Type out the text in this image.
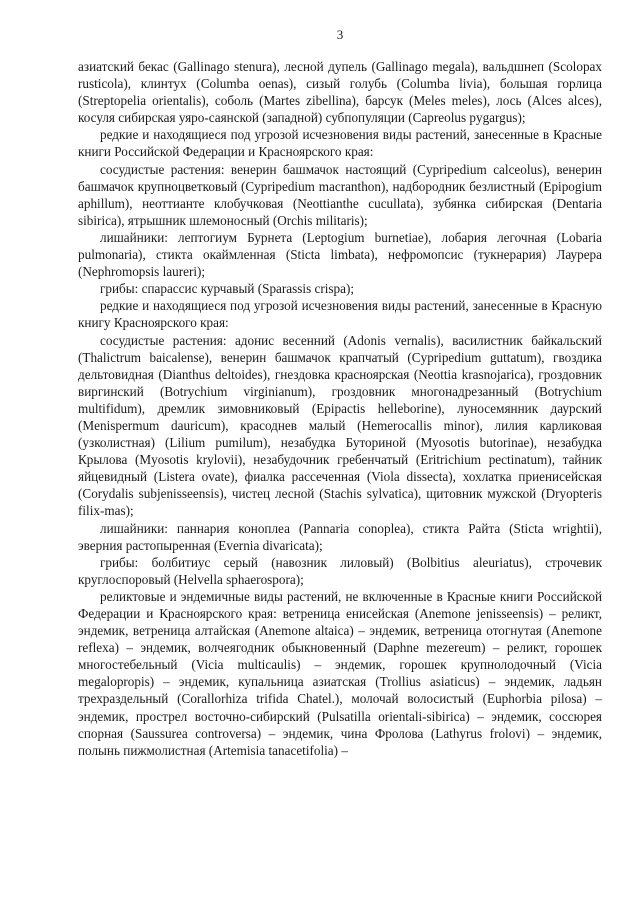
3

азиатский бекас (Gallinago stenura), лесной дупель (Gallinago megala), вальдшнеп (Scolopax rusticola), клинтух (Columba oenas), сизый голубь (Columba livia), большая горлица (Streptopelia orientalis), соболь (Martes zibellina), барсук (Meles meles), лось (Alces alces), косуля сибирская уяро-саянской (западной) субпопуляции (Capreolus pygargus);

редкие и находящиеся под угрозой исчезновения виды растений, занесенные в Красные книги Российской Федерации и Красноярского края:

сосудистые растения: венерин башмачок настоящий (Cypripedium calceolus), венерин башмачок крупноцветковый (Cypripedium macranthon), надбородник безлистный (Epipogium aphillum), неоттианте клобучковая (Neottianthe cucullata), зубянка сибирская (Dentaria sibirica), ятрышник шлемоносный (Orchis militaris);

лишайники: лептогиум Бурнета (Leptogium burnetiae), лобария легочная (Lobaria pulmonaria), стикта окаймленная (Sticta limbata), нефромопсис (тукнерария) Лаурера (Nephromopsis laureri);

грибы: спарассис курчавый (Sparassis crispa);

редкие и находящиеся под угрозой исчезновения виды растений, занесенные в Красную книгу Красноярского края:

сосудистые растения: адонис весенний (Adonis vernalis), василистник байкальский (Thalictrum baicalense), венерин башмачок крапчатый (Cypripedium guttatum), гвоздика дельтовидная (Dianthus deltoides), гнездовка красноярская (Neottia krasnojarica), гроздовник виргинский (Botrychium virginianum), гроздовник многонадрезанный (Botrychium multifidum), дремлик зимовниковый (Epipactis helleborine), луносемянник даурский (Menispermum dauricum), красоднев малый (Hemerocallis minor), лилия карликовая (узколистная) (Lilium pumilum), незабудка Буториной (Myosotis butorinae), незабудка Крылова (Myosotis krylovii), незабудочник гребенчатый (Eritrichium pectinatum), тайник яйцевидный (Listera ovate), фиалка рассеченная (Viola dissecta), хохлатка приенисейская (Corydalis subjenisseensis), чистец лесной (Stachis sylvatica), щитовник мужской (Dryopteris filix-mas);

лишайники: паннария коноплеа (Pannaria conoplea), стикта Райта (Sticta wrightii), эверния растопыренная (Evernia divaricata);

грибы: болбитиус серый (навозник лиловый) (Bolbitius aleuriatus), строчевик круглоспоровый (Helvella sphaerospora);

реликтовые и эндемичные виды растений, не включенные в Красные книги Российской Федерации и Красноярского края: ветреница енисейская (Anemone jenisseensis) – реликт, эндемик, ветреница алтайская (Anemone altaica) – эндемик, ветреница отогнутая (Anemone reflexa) – эндемик, волчеягодник обыкновенный (Daphne mezereum) – реликт, горошек многостебельный (Vicia multicaulis) – эндемик, горошек крупнолодочный (Vicia megalopropis) – эндемик, купальница азиатская (Trollius asiaticus) – эндемик, ладьян трехраздельный (Corallorhiza trifida Chatel.), молочай волосистый (Euphorbia pilosa) – эндемик, прострел восточно-сибирский (Pulsatilla orientali-sibirica) – эндемик, соссюрея спорная (Saussurea controversa) – эндемик, чина Фролова (Lathyrus frolovi) – эндемик, полынь пижмолистная (Artemisia tanacetifolia) –
